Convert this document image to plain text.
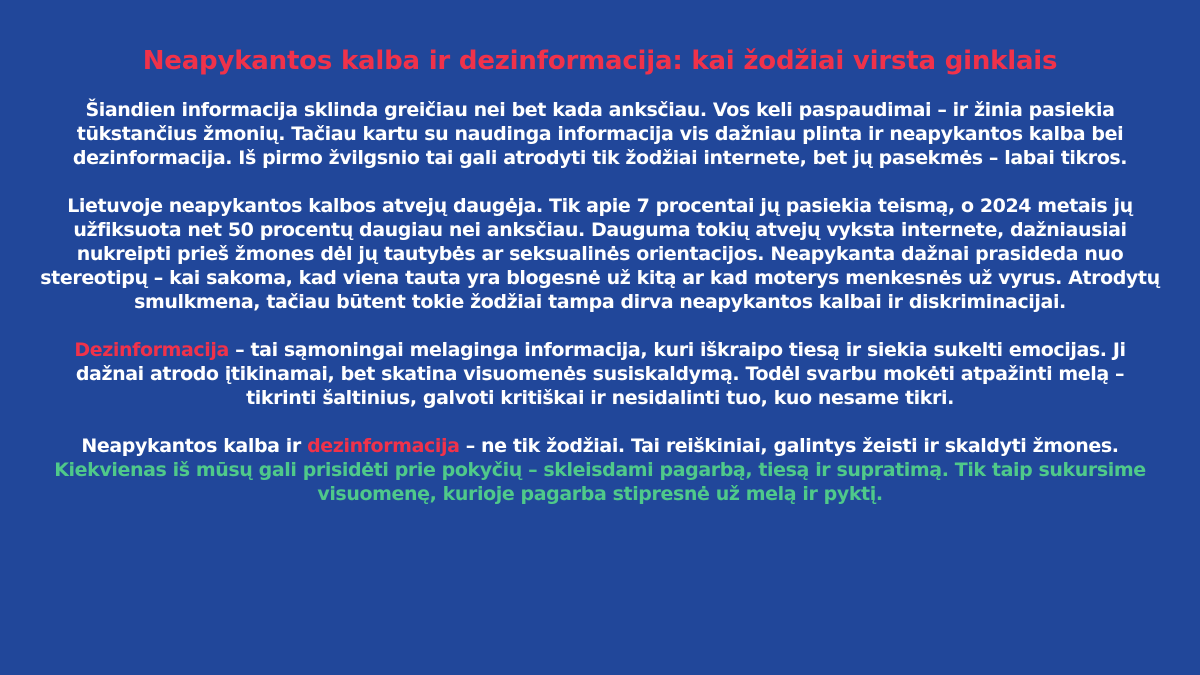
Neapykantos kalba ir dezinformacija: kai žodžiai virsta ginklais

Šiandien informacija sklinda greičiau nei bet kada anksčiau. Vos keli paspaudimai – ir žinia pasiekia tūkstančius žmonių. Tačiau kartu su naudinga informacija vis dažniau plinta ir neapykantos kalba bei dezinformacija. Iš pirmo žvilgsnio tai gali atrodyti tik žodžiai internete, bet jų pasekmės – labai tikros.

Lietuvoje neapykantos kalbos atvejų daugėja. Tik apie 7 procentai jų pasiekia teismą, o 2024 metais jų užfiksuota net 50 procentų daugiau nei anksčiau. Dauguma tokių atvejų vyksta internete, dažniausiai nukreipti prieš žmones dėl jų tautybės ar seksualinės orientacijos. Neapykanta dažnai prasideda nuo stereotipų – kai sakoma, kad viena tauta yra blogesnė už kitą ar kad moterys menkesnės už vyrus. Atrodytų smulkmena, tačiau būtent tokie žodžiai tampa dirva neapykantos kalbai ir diskriminacijai.

Dezinformacija – tai sąmoningai melaginga informacija, kuri iškraipo tiesą ir siekia sukelti emocijas. Ji dažnai atrodo įtikinamai, bet skatina visuomenės susiskaldymą. Todėl svarbu mokėti atpažinti melą – tikrinti šaltinius, galvoti kritiškai ir nesidalinti tuo, kuo nesame tikri.

Neapykantos kalba ir dezinformacija – ne tik žodžiai. Tai reiškiniai, galintys žeisti ir skaldyti žmones. Kiekvienas iš mūsų gali prisidėti prie pokyčių – skleisdami pagarbą, tiesą ir supratimą. Tik taip sukursime visuomenę, kurioje pagarba stipresnė už melą ir pyktį.
